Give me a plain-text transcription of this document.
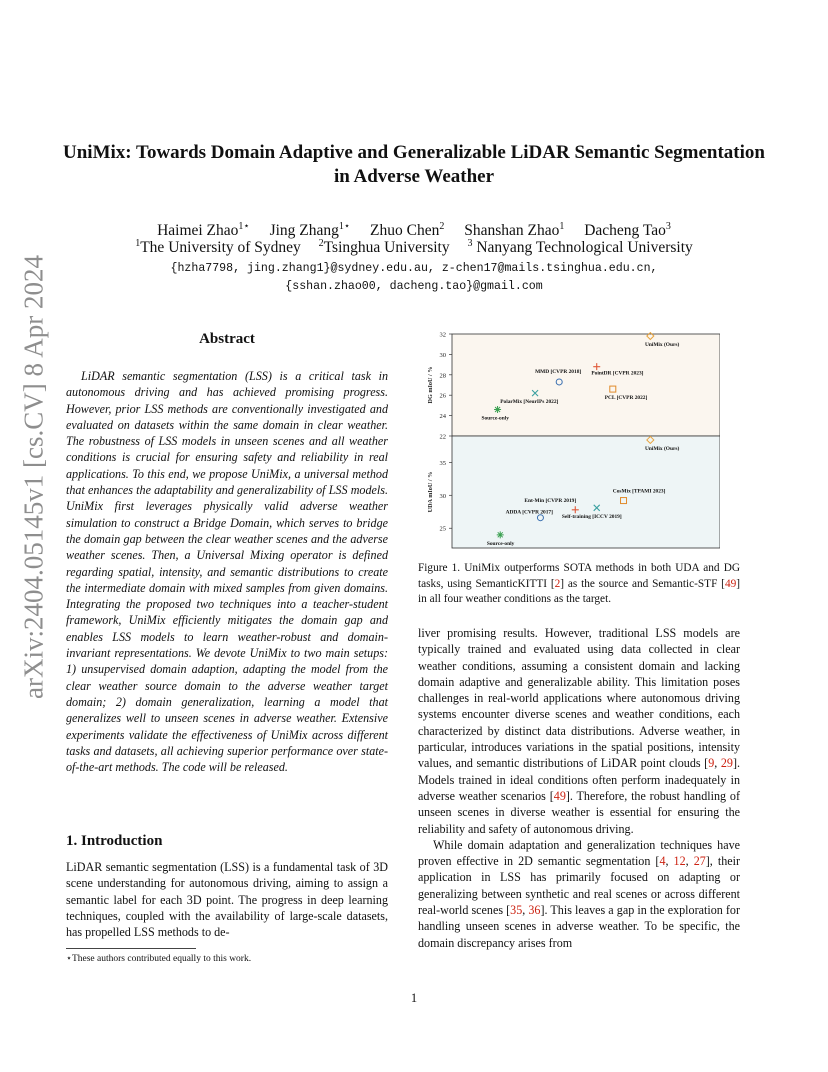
arXiv:2404.05145v1 [cs.CV] 8 Apr 2024
UniMix: Towards Domain Adaptive and Generalizable LiDAR Semantic Segmentation in Adverse Weather
Haimei Zhao$^{1⋆}$ Jing Zhang$^{1⋆}$ Zhuo Chen$^2$ Shanshan Zhao$^1$ Dacheng Tao$^3$
$^1$The University of Sydney $^2$Tsinghua University $^3$ Nanyang Technological University
{hzha7798, jing.zhang1}@sydney.edu.au, z-chen17@mails.tsinghua.edu.cn,
{sshan.zhao00, dacheng.tao}@gmail.com
Abstract
LiDAR semantic segmentation (LSS) is a critical task in autonomous driving and has achieved promising progress. However, prior LSS methods are conventionally investigated and evaluated on datasets within the same domain in clear weather. The robustness of LSS models in unseen scenes and all weather conditions is crucial for ensuring safety and reliability in real applications. To this end, we propose UniMix, a universal method that enhances the adaptability and generalizability of LSS models. UniMix first leverages physically valid adverse weather simulation to construct a Bridge Domain, which serves to bridge the domain gap between the clear weather scenes and the adverse weather scenes. Then, a Universal Mixing operator is defined regarding spatial, intensity, and semantic distributions to create the intermediate domain with mixed samples from given domains. Integrating the proposed two techniques into a teacher-student framework, UniMix efficiently mitigates the domain gap and enables LSS models to learn weather-robust and domain-invariant representations. We devote UniMix to two main setups: 1) unsupervised domain adaption, adapting the model from the clear weather source domain to the adverse weather target domain; 2) domain generalization, learning a model that generalizes well to unseen scenes in adverse weather. Extensive experiments validate the effectiveness of UniMix across different tasks and datasets, all achieving superior performance over state-of-the-art methods. The code will be released.
1. Introduction
LiDAR semantic segmentation (LSS) is a fundamental task of 3D scene understanding for autonomous driving, aiming to assign a semantic label for each 3D point. The progress in deep learning techniques, coupled with the availability of large-scale datasets, has propelled LSS methods to de-
⋆These authors contributed equally to this work.
22
24
26
28
30
32
DG mIoU / %
UniMix (Ours)
PointDR [CVPR 2023]
MMD [CVPR 2018]
PCL [CVPR 2022]
PolarMix [NeurIPs 2022]
Source-only
25
30
35
UDA mIoU / %
UniMix (Ours)
CosMix [TPAMI 2023]
Ent-Min [CVPR 2019]
Self-training [ICCV 2019]
ADDA [CVPR 2017]
Source-only
Figure 1. UniMix outperforms SOTA methods in both UDA and DG tasks, using SemanticKITTI [2] as the source and Semantic-STF [49] in all four weather conditions as the target.

liver promising results. However, traditional LSS models are typically trained and evaluated using data collected in clear weather conditions, assuming a consistent domain and lacking domain adaptive and generalizable ability. This limitation poses challenges in real-world applications where autonomous driving systems encounter diverse scenes and weather conditions, each characterized by distinct data distributions. Adverse weather, in particular, introduces variations in the spatial positions, intensity values, and semantic distributions of LiDAR point clouds [9, 29]. Models trained in ideal conditions often perform inadequately in adverse weather scenarios [49]. Therefore, the robust handling of unseen scenes in diverse weather is essential for ensuring the reliability and safety of autonomous driving.

While domain adaptation and generalization techniques have proven effective in 2D semantic segmentation [4, 12, 27], their application in LSS has primarily focused on adapting or generalizing between synthetic and real scenes or across different real-world scenes [35, 36]. This leaves a gap in the exploration for handling unseen scenes in adverse weather. To be specific, the domain discrepancy arises from

1
